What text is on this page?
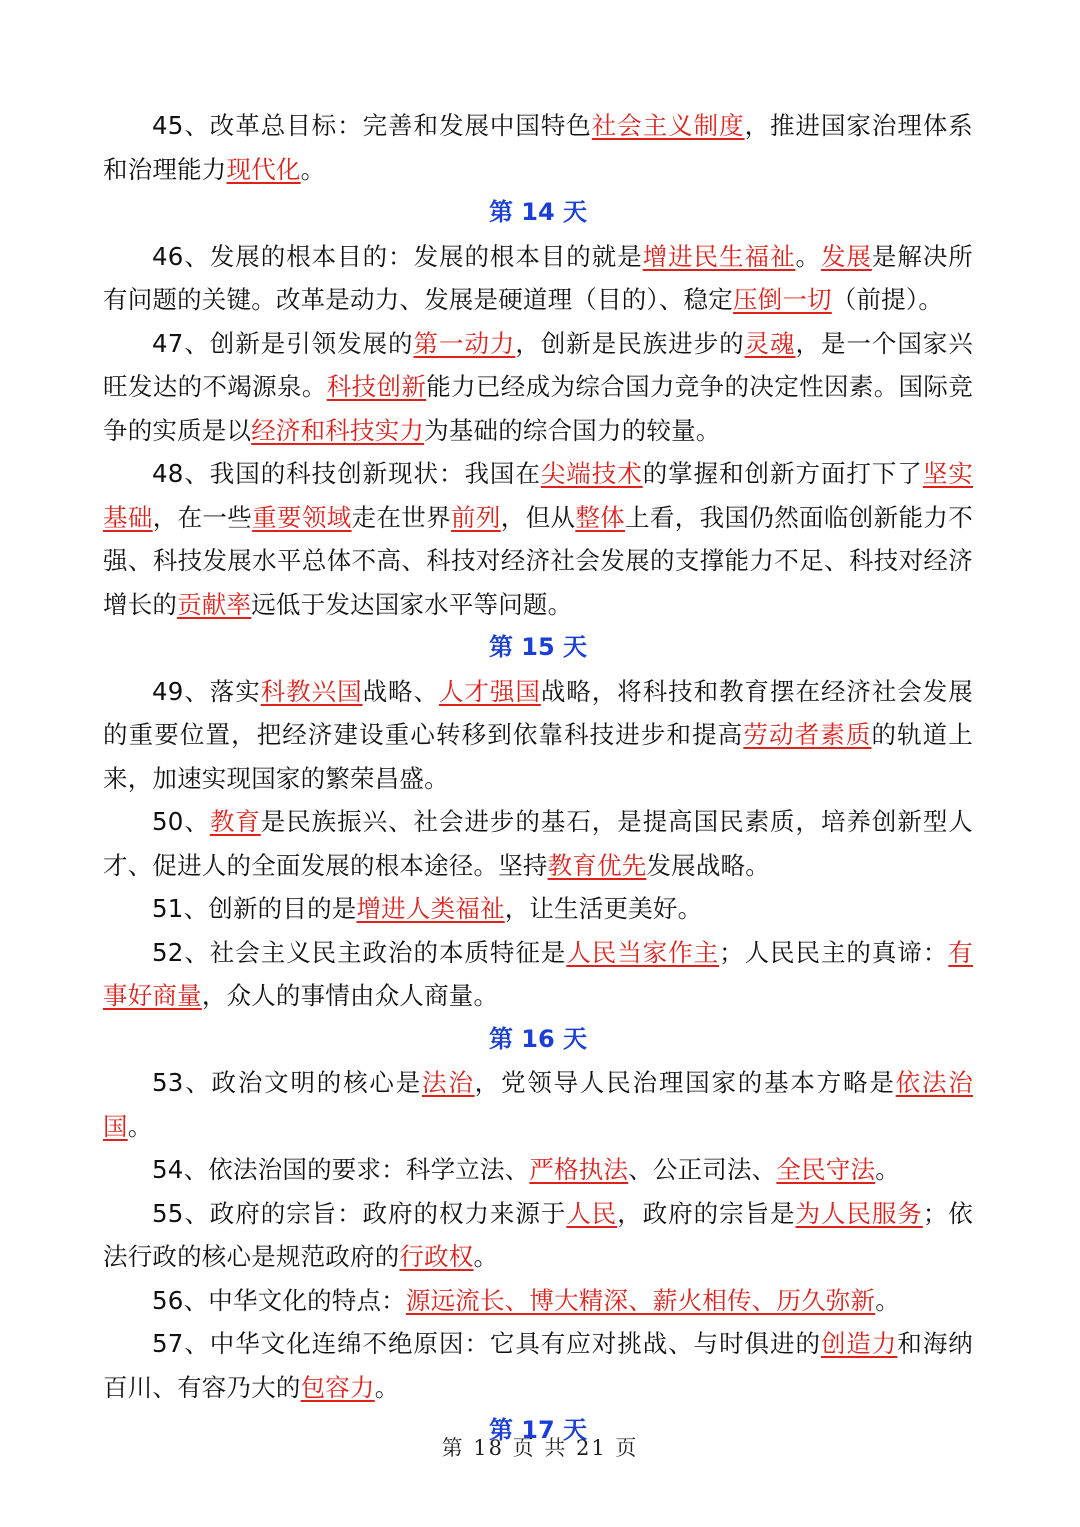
45、改革总目标：完善和发展中国特色社会主义制度，推进国家治理体系和治理能力现代化。

第 14 天

46、发展的根本目的：发展的根本目的就是增进民生福祉。发展是解决所有问题的关键。改革是动力、发展是硬道理（目的）、稳定压倒一切（前提）。

47、创新是引领发展的第一动力，创新是民族进步的灵魂，是一个国家兴旺发达的不竭源泉。科技创新能力已经成为综合国力竞争的决定性因素。国际竞争的实质是以经济和科技实力为基础的综合国力的较量。

48、我国的科技创新现状：我国在尖端技术的掌握和创新方面打下了坚实基础，在一些重要领域走在世界前列，但从整体上看，我国仍然面临创新能力不强、科技发展水平总体不高、科技对经济社会发展的支撑能力不足、科技对经济增长的贡献率远低于发达国家水平等问题。

第 15 天

49、落实科教兴国战略、人才强国战略，将科技和教育摆在经济社会发展的重要位置，把经济建设重心转移到依靠科技进步和提高劳动者素质的轨道上来，加速实现国家的繁荣昌盛。

50、教育是民族振兴、社会进步的基石，是提高国民素质，培养创新型人才、促进人的全面发展的根本途径。坚持教育优先发展战略。

51、创新的目的是增进人类福祉，让生活更美好。

52、社会主义民主政治的本质特征是人民当家作主；人民民主的真谛：有事好商量，众人的事情由众人商量。

第 16 天

53、政治文明的核心是法治，党领导人民治理国家的基本方略是依法治国。

54、依法治国的要求：科学立法、严格执法、公正司法、全民守法。

55、政府的宗旨：政府的权力来源于人民，政府的宗旨是为人民服务；依法行政的核心是规范政府的行政权。

56、中华文化的特点：源远流长、博大精深、薪火相传、历久弥新。

57、中华文化连绵不绝原因：它具有应对挑战、与时俱进的创造力和海纳百川、有容乃大的包容力。

第 17 天

第 18 页 共 21 页
